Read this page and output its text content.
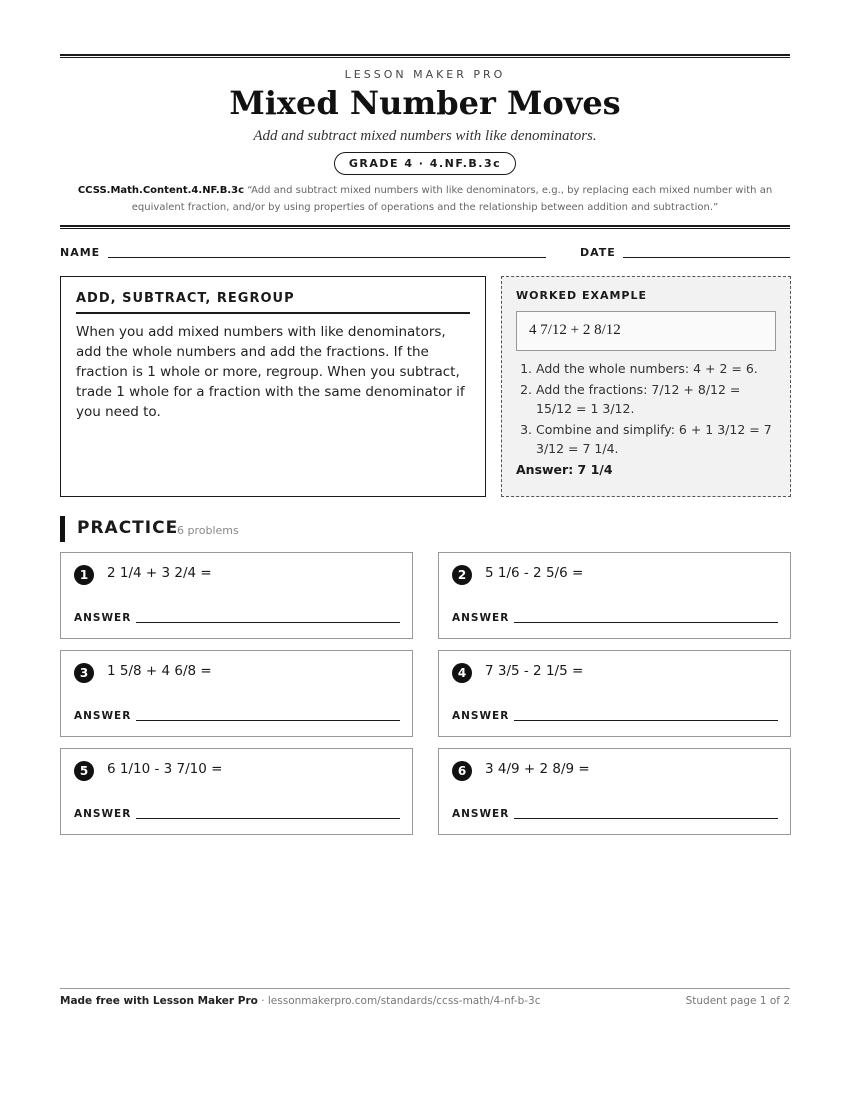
LESSON MAKER PRO
Mixed Number Moves
Add and subtract mixed numbers with like denominators.
GRADE 4 · 4.NF.B.3c
CCSS.Math.Content.4.NF.B.3c “Add and subtract mixed numbers with like denominators, e.g., by replacing each mixed number with an equivalent fraction, and/or by using properties of operations and the relationship between addition and subtraction.”
NAME	DATE
ADD, SUBTRACT, REGROUP
When you add mixed numbers with like denominators, add the whole numbers and add the fractions. If the fraction is 1 whole or more, regroup. When you subtract, trade 1 whole for a fraction with the same denominator if you need to.
WORKED EXAMPLE
4 7/12 + 2 8/12
1. Add the whole numbers: 4 + 2 = 6.
2. Add the fractions: 7/12 + 8/12 = 15/12 = 1 3/12.
3. Combine and simplify: 6 + 1 3/12 = 7 3/12 = 7 1/4.
Answer: 7 1/4
PRACTICE
6 problems
1	2 1/4 + 3 2/4 =
ANSWER
2	5 1/6 - 2 5/6 =
ANSWER
3	1 5/8 + 4 6/8 =
ANSWER
4	7 3/5 - 2 1/5 =
ANSWER
5	6 1/10 - 3 7/10 =
ANSWER
6	3 4/9 + 2 8/9 =
ANSWER
Made free with Lesson Maker Pro · lessonmakerpro.com/standards/ccss-math/4-nf-b-3c	Student page 1 of 2
